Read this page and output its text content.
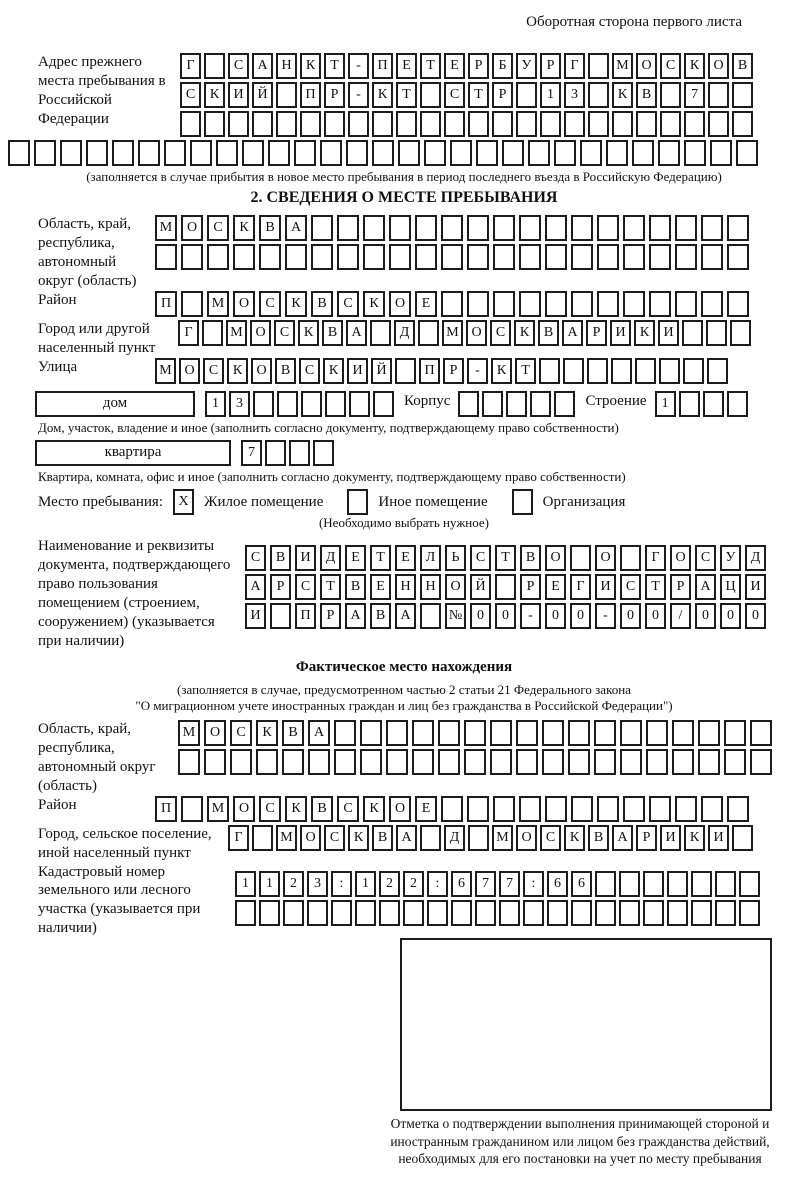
Оборотная сторона первого листа
Адрес прежнего места пребывания в Российской Федерации
Г	С	А Н	К	Т	-	П	Е	Т	Е	Р	Б	У	Р	Г	М О	С	К	О	В
С	К	И Й	П	Р	-	К	Т	С	Т	Р	1	3	К	В	7
(заполняется в случае прибытия в новое место пребывания в период последнего въезда в Российскую Федерацию)
2. СВЕДЕНИЯ О МЕСТЕ ПРЕБЫВАНИЯ
Область, край, республика, автономный округ (область)
М	О	С	К	В	А
Район	П	М	О	С	К	В	С	К	О	Е
Город или другой населенный пункт
Г	М О	С	К	В	А	Д	М О	С	К	В	А	Р	И	К	И
Улица	М О	С	К	О	В	С	К	И Й	П	Р	-	К	Т
дом	1	3	Корпус	Строение	1
Дом, участок, владение и иное (заполнить согласно документу, подтверждающему право собственности)
квартира	7
Квартира, комната, офис и иное (заполнить согласно документу, подтверждающему право собственности)
Место пребывания:	X	Жилое помещение	Иное помещение	Организация
(Необходимо выбрать нужное)
Наименование и реквизиты документа, подтверждающего право пользования помещением (строением, сооружением) (указывается при наличии)
С	В	И	Д	Е	Т	Е	Л	Ь	С	Т	В	О	О	Г	О	С	У	Д
А	Р	С	Т	В	Е	Н	Н	О	Й	Р	Е	Г	И	С	Т	Р	А	Ц	И
И	П	Р	А	В	А	№	0	0	-	0	0	-	0	0	/	0	0	0
Фактическое место нахождения
(заполняется в случае, предусмотренном частью 2 статьи 21 Федерального закона
"О миграционном учете иностранных граждан и лиц без гражданства в Российской Федерации")
Область, край, республика, автономный округ (область)
М	О	С	К	В	А
Район	П	М	О	С	К	В	С	К	О	Е
Город, сельское поселение, иной населенный пункт
Г	М О	С	К	В	А	Д	М О	С	К	В	А	Р	И	К	И
Кадастровый номер земельного или лесного участка (указывается при наличии)
1	1	2	3	:	1	2	2	:	6	7	7	:	6	6
Отметка о подтверждении выполнения принимающей стороной и иностранным гражданином или лицом без гражданства действий, необходимых для его постановки на учет по месту пребывания
